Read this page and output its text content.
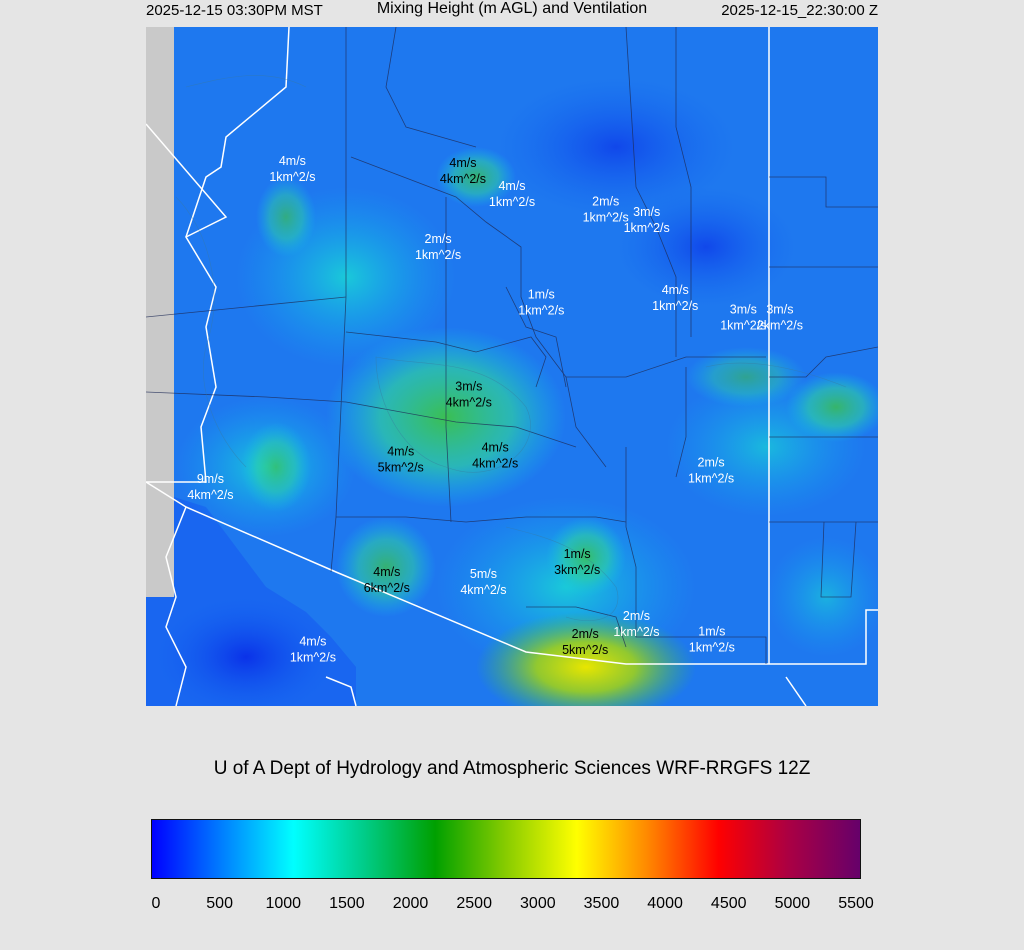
2025-12-15 03:30PM MST	Mixing Height (m AGL) and Ventilation	2025-12-15_22:30:00 Z
4m/s 1km^2/s
4m/s 4km^2/s
4m/s 1km^2/s	2m/s 1km^2/s 3m/s 1km^2/s
2m/s 1km^2/s
1m/s 1km^2/s
4m/s 1km^2/s	3m/s 1km^2/s
3m/s 2km^2/s
3m/s 4km^2/s
4m/s 5km^2/s
4m/s 4km^2/s	2m/s 1km^2/s
9m/s 4km^2/s
1m/s 3km^2/s
4m/s 6km^2/s
5m/s 4km^2/s
2m/s 1km^2/s
2m/s 5km^2/s
1m/s 1km^2/s
4m/s 1km^2/s
U of A Dept of Hydrology and Atmospheric Sciences WRF-RRGFS 12Z
0	500 1000 1500 2000 2500 3000 3500 4000 4500 5000 5500
